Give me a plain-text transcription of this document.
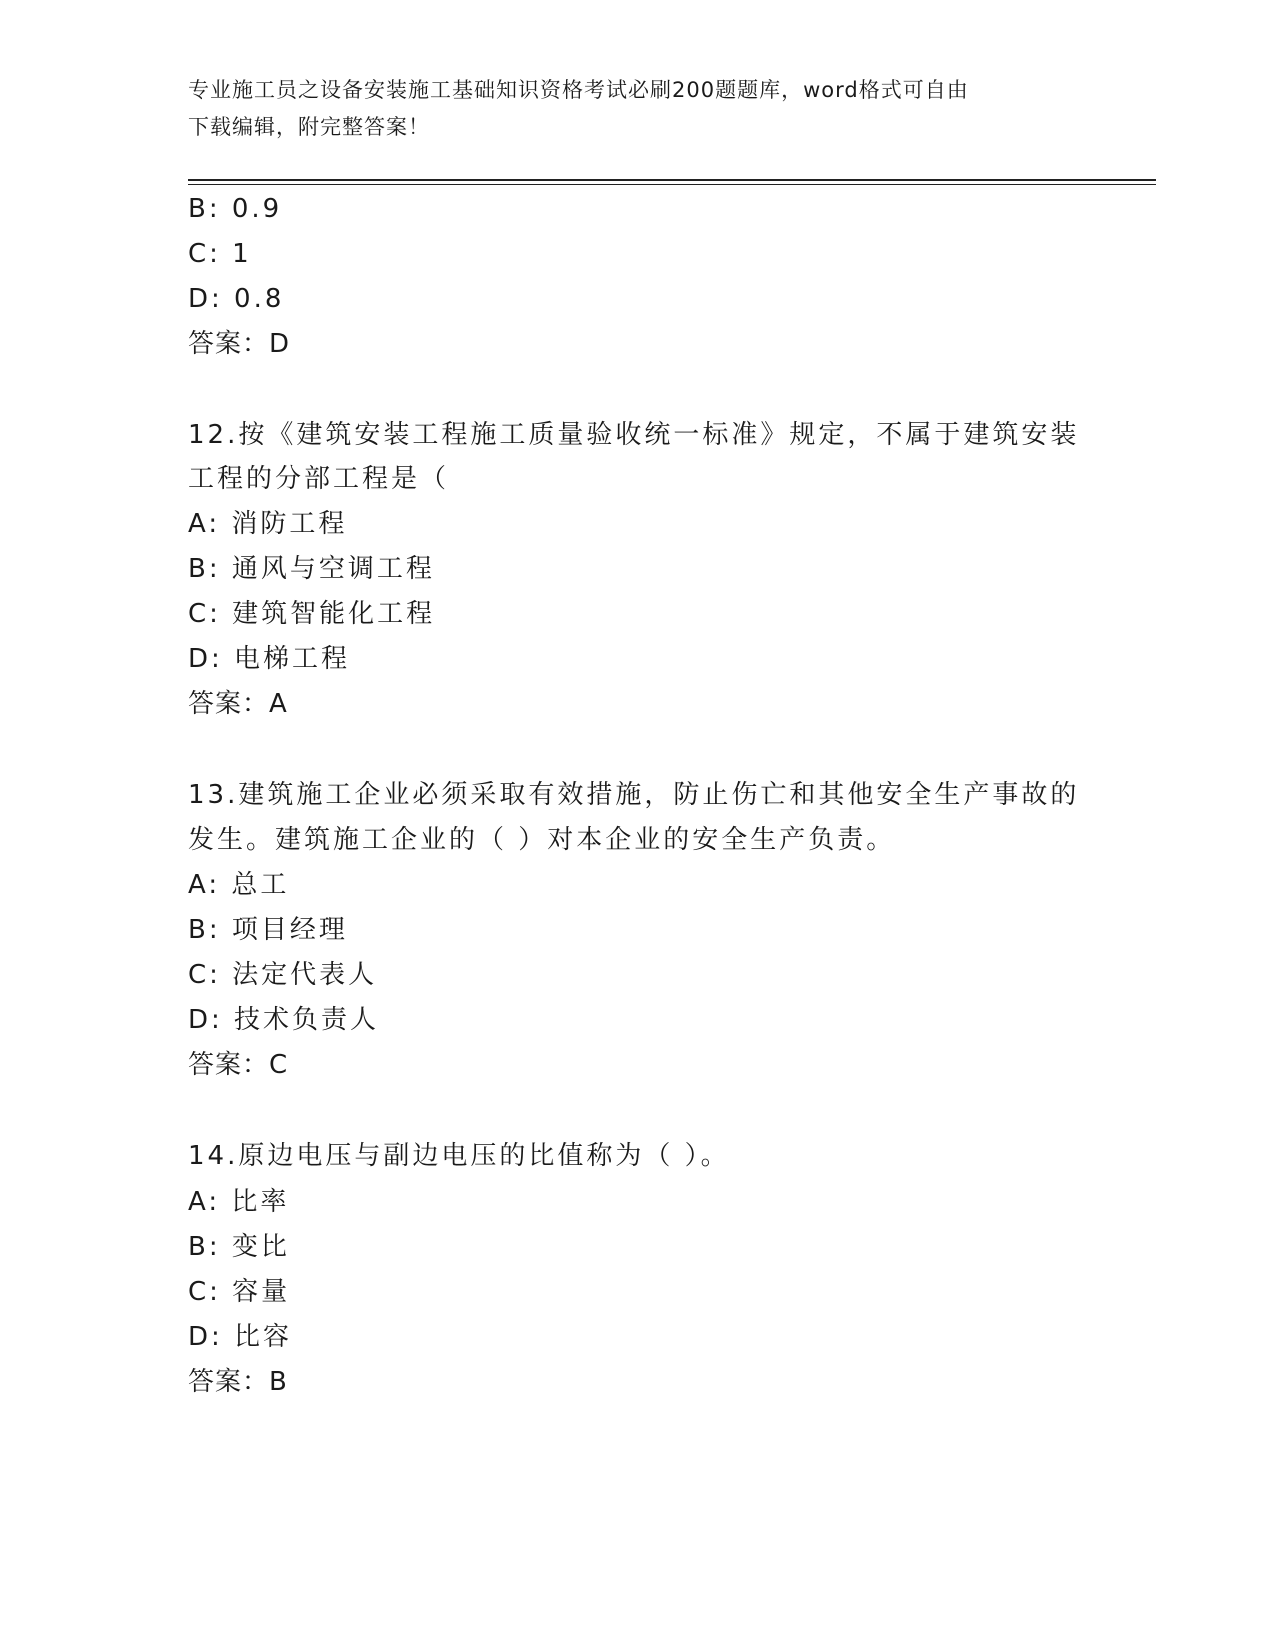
专业施工员之设备安装施工基础知识资格考试必刷200题题库，word格式可自由
下载编辑，附完整答案！
B: 0.9
C: 1
D: 0.8
答案：D
12.按《建筑安装工程施工质量验收统一标准》规定，不属于建筑安装
工程的分部工程是（
A: 消防工程
B: 通风与空调工程
C: 建筑智能化工程
D: 电梯工程
答案：A
13.建筑施工企业必须采取有效措施，防止伤亡和其他安全生产事故的
发生。建筑施工企业的（ ）对本企业的安全生产负责。
A: 总工
B: 项目经理
C: 法定代表人
D: 技术负责人
答案：C
14.原边电压与副边电压的比值称为（ ）。
A: 比率
B: 变比
C: 容量
D: 比容
答案：B
